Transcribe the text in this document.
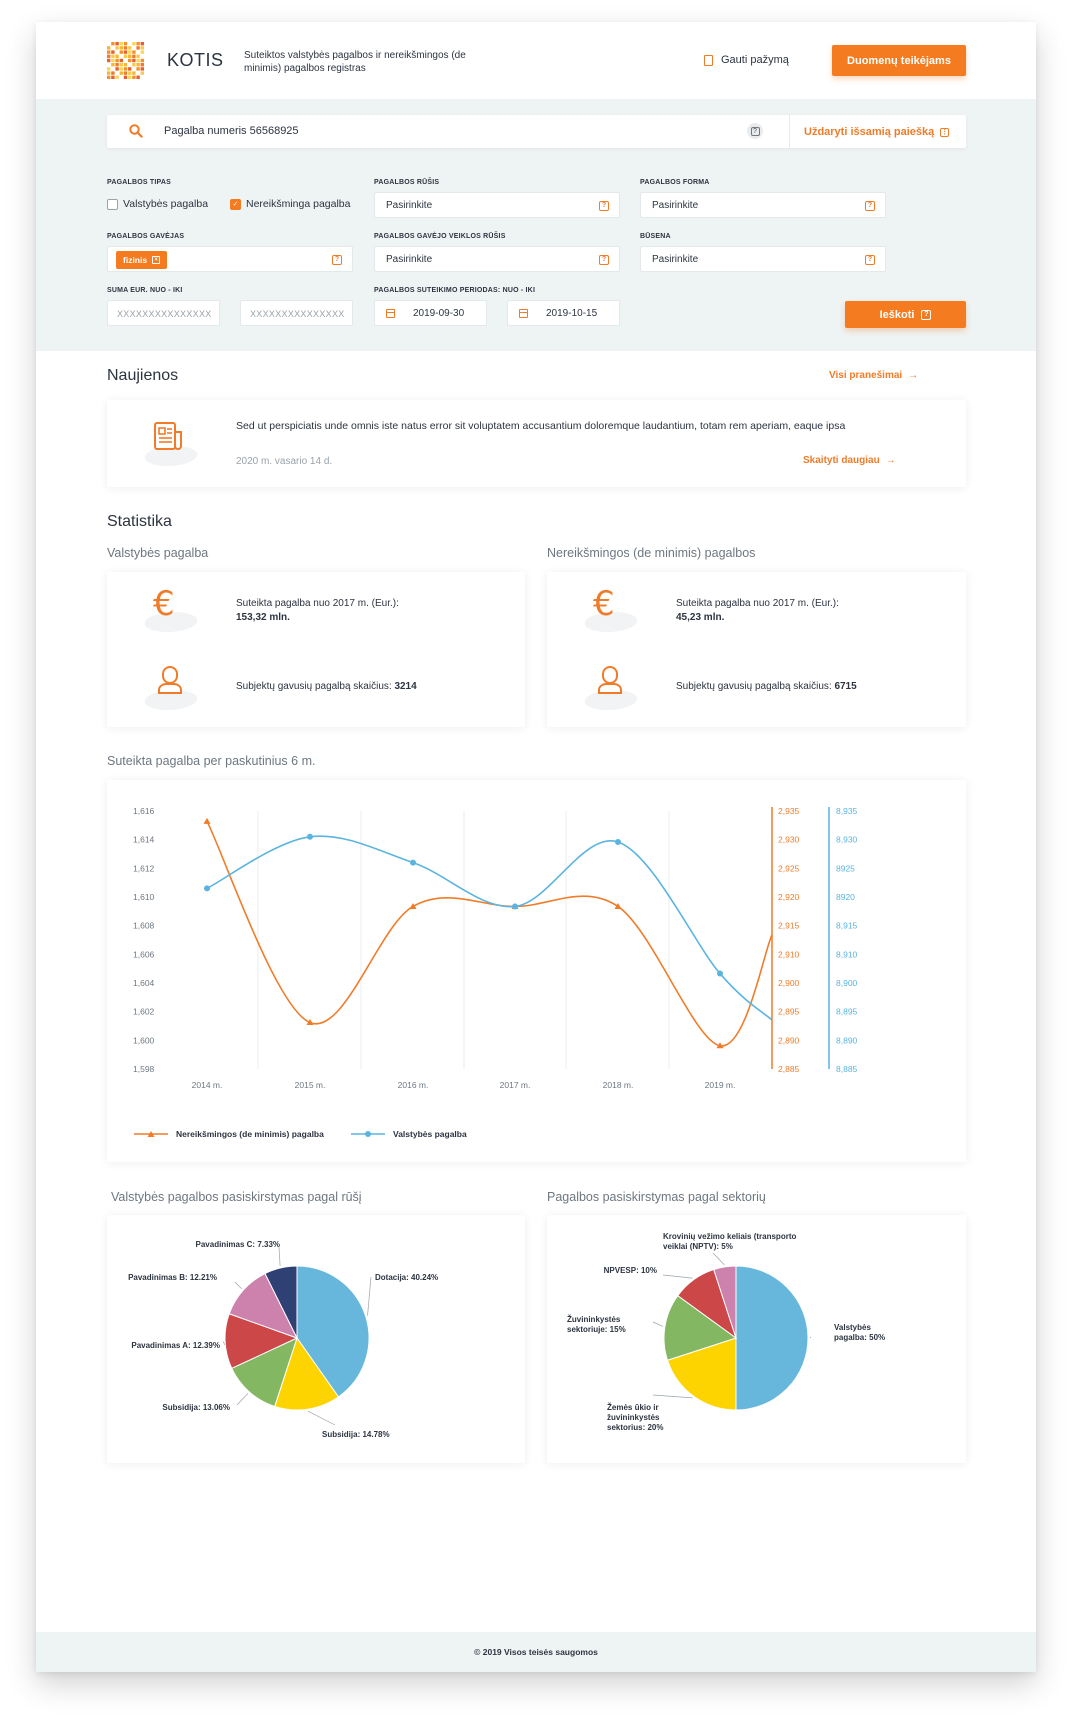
KOTIS Suteiktos valstybės pagalbos ir nereikšmingos (de minimis) pagalbos registras
Gauti pažymą	Duomenų teikėjams
Pagalba numeris 56568925	?	Uždaryti išsamią paiešką ⋮
PAGALBOS TIPAS
Valstybės pagalba	✓ Nereikšminga pagalba
PAGALBOS RŪŠIS
Pasirinkite	?
PAGALBOS FORMA
Pasirinkite	?
PAGALBOS GAVĖJAS
fizinis	×	?
PAGALBOS GAVĖJO VEIKLOS RŪŠIS
Pasirinkite	?
BŪSENA
Pasirinkite	?
SUMA EUR. NUO - IKI
XXXXXXXXXXXXXXX	XXXXXXXXXXXXXXX
PAGALBOS SUTEIKIMO PERIODAS: NUO - IKI
2019-09-30	2019-10-15	Ieškoti	?
Naujienos	Visi pranešimai →
Sed ut perspiciatis unde omnis iste natus error sit voluptatem accusantium doloremque laudantium, totam rem aperiam, eaque ipsa
2020 m. vasario 14 d.	Skaityti daugiau →
Statistika
Valstybės pagalba	Nereikšmingos (de minimis) pagalbos
€	Suteikta pagalba nuo 2017 m. (Eur.):
153,32 mln.
Subjektų gavusių pagalbą skaičius: 3214
€	Suteikta pagalba nuo 2017 m. (Eur.):
45,23 mln.
Subjektų gavusių pagalbą skaičius: 6715
Suteikta pagalba per paskutinius 6 m.
1,616
1,614
1,612
1,610
1,608
1,606
1,604
1,602
1,600
1,598
2,935
2,930
2,925
2,920
2,915
2,910
2,900
2,895
2,890
2,885
8,935
8,930
8925
8920
8,915
8,910
8,900
8,895
8,890
8,885
2014 m.	2015 m.	2016 m.	2017 m.	2018 m.	2019 m.
Nereikšmingos (de minimis) pagalba	Valstybės pagalba
Valstybės pagalbos pasiskirstymas pagal rūšį	Pagalbos pasiskirstymas pagal sektorių
Dotacija: 40.24%
Subsidija: 14.78%
Subsidija: 13.06%
Pavadinimas A: 12.39%
Pavadinimas B: 12.21%
Pavadinimas C: 7.33%
Valstybės
pagalba: 50%
Žemės ūkio ir
žuvininkystės
sektorius: 20%
Žuvininkystės
sektoriuje: 15%
NPVESP: 10%
Krovinių vežimo keliais (transporto
veiklai (NPTV): 5%
© 2019 Visos teisės saugomos
